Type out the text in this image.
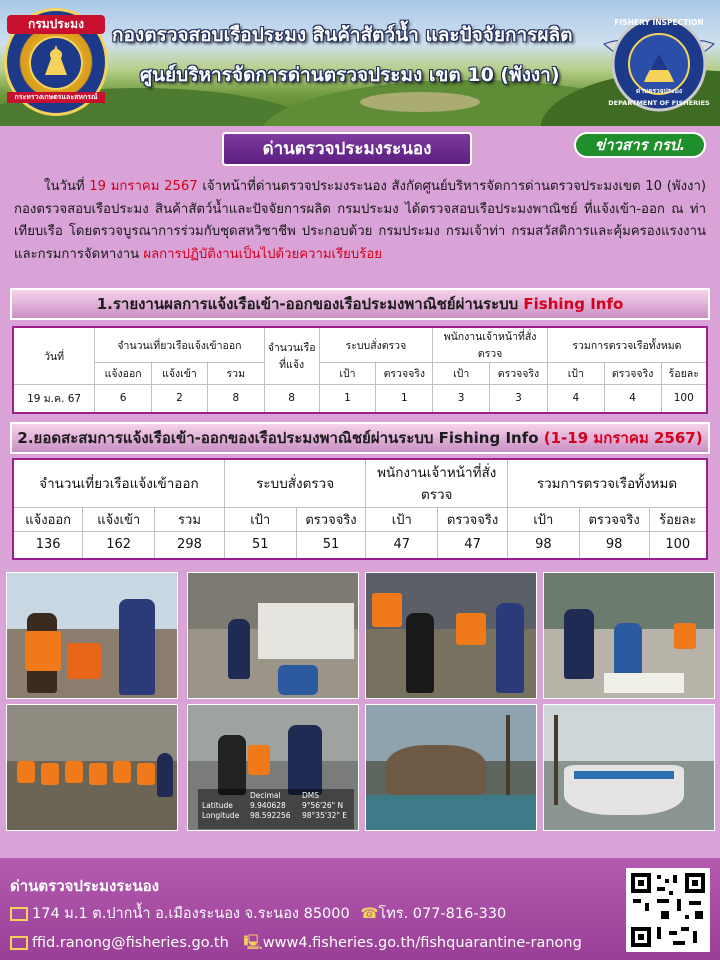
กรมประมง
กระทรวงเกษตรและสหกรณ์
กองตรวจสอบเรือประมง สินค้าสัตว์น้ำ และปัจจัยการผลิต
ศูนย์บริหารจัดการด่านตรวจประมง เขต 10 (พังงา)
FISHERY INSPECTION
ด่านตรวจประมง
DEPARTMENT OF FISHERIES
ด่านตรวจประมงระนอง	ข่าวสาร กรป.
ในวันที่ 19 มกราคม 2567 เจ้าหน้าที่ด่านตรวจประมงระนอง สังกัดศูนย์บริหารจัดการด่านตรวจประมงเขต 10 (พังงา) กองตรวจสอบเรือประมง สินค้าสัตว์น้ำและปัจจัยการผลิต กรมประมง ได้ตรวจสอบเรือประมงพาณิชย์ ที่แจ้งเข้า-ออก ณ ท่าเทียบเรือ โดยตรวจบูรณาการร่วมกับชุดสหวิชาชีพ ประกอบด้วย กรมประมง กรมเจ้าท่า กรมสวัสดิการและคุ้มครองแรงงาน และกรมการจัดหางาน ผลการปฏิบัติงานเป็นไปด้วยความเรียบร้อย
1.รายงานผลการแจ้งเรือเข้า-ออกของเรือประมงพาณิชย์ผ่านระบบ Fishing Info
วันที่	จำนวนเที่ยวเรือแจ้งเข้าออก			จำนวนเรือที่แจ้ง	ระบบสั่งตรวจ		พนักงานเจ้าหน้าที่สั่งตรวจ		รวมการตรวจเรือทั้งหมด		
	แจ้งออก	แจ้งเข้า	รวม		เป้า	ตรวจจริง	เป้า	ตรวจจริง	เป้า	ตรวจจริง	ร้อยละ
19 ม.ค. 67	6	2	8	8	1	1	3	3	4	4	100
2.ยอดสะสมการแจ้งเรือเข้า-ออกของเรือประมงพาณิชย์ผ่านระบบ Fishing Info (1-19 มกราคม 2567)
จำนวนเที่ยวเรือแจ้งเข้าออก			ระบบสั่งตรวจ		พนักงานเจ้าหน้าที่สั่งตรวจ		รวมการตรวจเรือทั้งหมด		
แจ้งออก	แจ้งเข้า	รวม	เป้า	ตรวจจริง	เป้า	ตรวจจริง	เป้า	ตรวจจริง	ร้อยละ
136	162	298	51	51	47	47	98	98	100
Decimal	DMS
Latitude 9.940628 9°56'26" N
Longitude 98.592256 98°35'32" E
ด่านตรวจประมงระนอง
174 ม.1 ต.ปากน้ำ อ.เมืองระนอง จ.ระนอง 85000 ☎โทร. 077-816-330
ffid.ranong@fisheries.go.th 🖳www4.fisheries.go.th/fishquarantine-ranong
